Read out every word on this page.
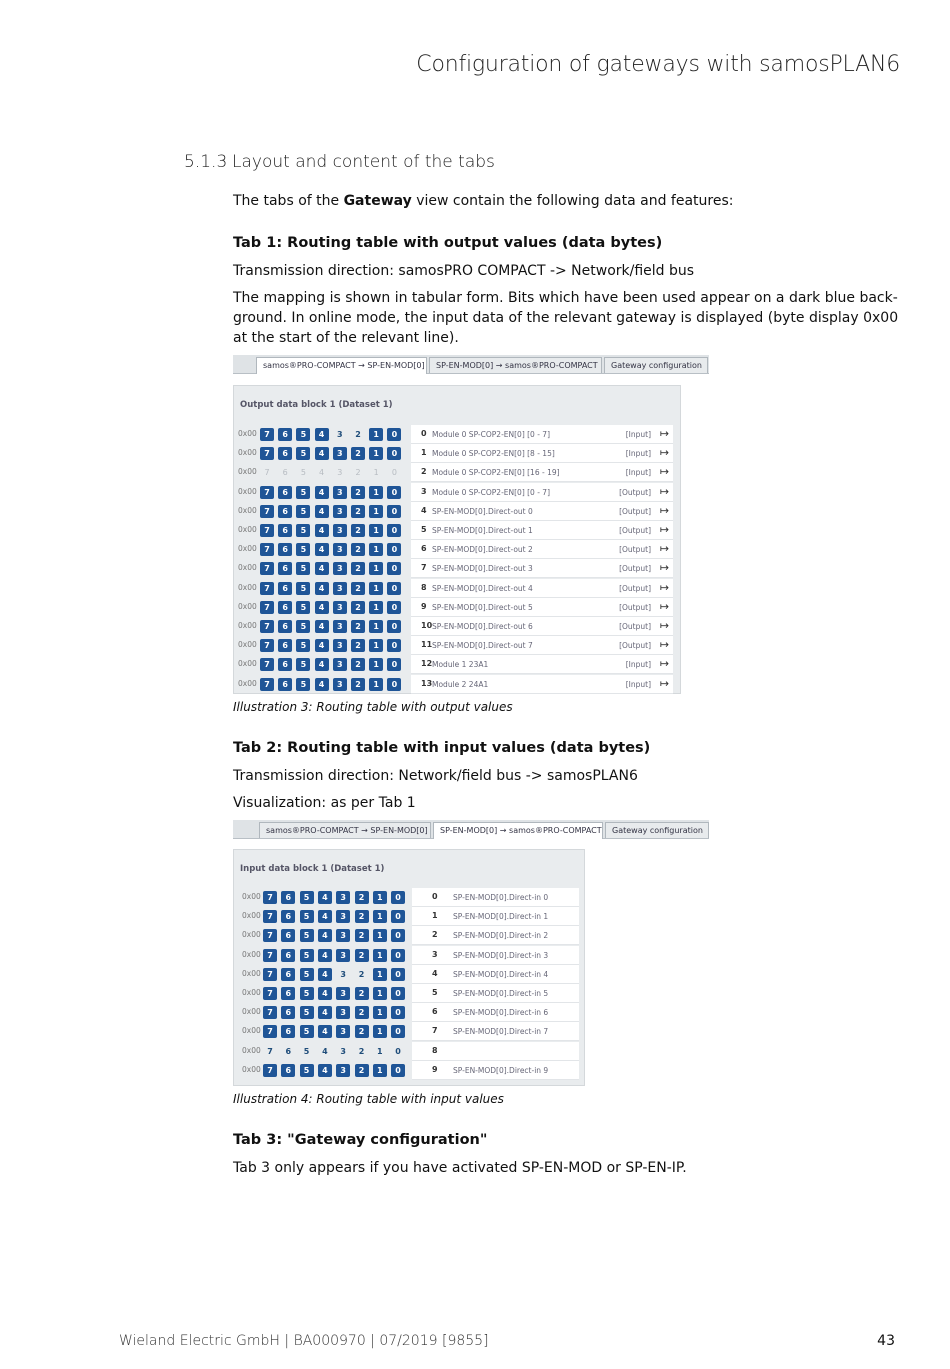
Configuration of gateways with samosPLAN6
5.1.3 Layout and content of the tabs
The tabs of the Gateway view contain the following data and features:
Tab 1: Routing table with output values (data bytes)
Transmission direction: samosPRO COMPACT -> Network/field bus
The mapping is shown in tabular form. Bits which have been used appear on a dark blue back-ground. In online mode, the input data of the relevant gateway is displayed (byte display 0x00 at the start of the relevant line).
samos®PRO-COMPACT → SP-EN-MOD[0]	SP-EN-MOD[0] → samos®PRO-COMPACT	Gateway configuration
Output data block 1 (Dataset 1)
0x00 7	6	5	4	3	2	1	0	0 Module 0 SP-COP2-EN[0] [0 - 7]	[Input] ↦
0x00 7	6	5	4	3	2	1	0	1 Module 0 SP-COP2-EN[0] [8 - 15]	[Input] ↦
0x00 7	6	5	4	3	2	1	0	2 Module 0 SP-COP2-EN[0] [16 - 19]	[Input] ↦
0x00 7	6	5	4	3	2	1	0	3 Module 0 SP-COP2-EN[0] [0 - 7]	[Output] ↦
0x00 7	6	5	4	3	2	1	0	4 SP-EN-MOD[0].Direct-out 0	[Output] ↦
0x00 7	6	5	4	3	2	1	0	5 SP-EN-MOD[0].Direct-out 1	[Output] ↦
0x00 7	6	5	4	3	2	1	0	6 SP-EN-MOD[0].Direct-out 2	[Output] ↦
0x00 7	6	5	4	3	2	1	0	7 SP-EN-MOD[0].Direct-out 3	[Output] ↦
0x00 7	6	5	4	3	2	1	0	8 SP-EN-MOD[0].Direct-out 4	[Output] ↦
0x00 7	6	5	4	3	2	1	0	9 SP-EN-MOD[0].Direct-out 5	[Output] ↦
0x00 7	6	5	4	3	2	1	0	10 SP-EN-MOD[0].Direct-out 6	[Output] ↦
0x00 7	6	5	4	3	2	1	0	11 SP-EN-MOD[0].Direct-out 7	[Output] ↦
0x00 7	6	5	4	3	2	1	0	12 Module 1 23A1	[Input] ↦
0x00 7	6	5	4	3	2	1	0	13 Module 2 24A1	[Input] ↦
Illustration 3: Routing table with output values
Tab 2: Routing table with input values (data bytes)
Transmission direction: Network/field bus -> samosPLAN6
Visualization: as per Tab 1
samos®PRO-COMPACT → SP-EN-MOD[0]	SP-EN-MOD[0] → samos®PRO-COMPACT	Gateway configuration
Input data block 1 (Dataset 1)
0x00 7	6	5	4	3	2	1	0	0 SP-EN-MOD[0].Direct-in 0
0x00 7	6	5	4	3	2	1	0	1 SP-EN-MOD[0].Direct-in 1
0x00 7	6	5	4	3	2	1	0	2 SP-EN-MOD[0].Direct-in 2
0x00 7	6	5	4	3	2	1	0	3 SP-EN-MOD[0].Direct-in 3
0x00 7	6	5	4	3	2	1	0	4 SP-EN-MOD[0].Direct-in 4
0x00 7	6	5	4	3	2	1	0	5 SP-EN-MOD[0].Direct-in 5
0x00 7	6	5	4	3	2	1	0	6 SP-EN-MOD[0].Direct-in 6
0x00 7	6	5	4	3	2	1	0	7 SP-EN-MOD[0].Direct-in 7
0x00 7	6	5	4	3	2	1	0	8
0x00 7	6	5	4	3	2	1	0	9 SP-EN-MOD[0].Direct-in 9
Illustration 4: Routing table with input values
Tab 3: "Gateway configuration"
Tab 3 only appears if you have activated SP-EN-MOD or SP-EN-IP.
Wieland Electric GmbH | BA000970 | 07/2019 [9855]	43
